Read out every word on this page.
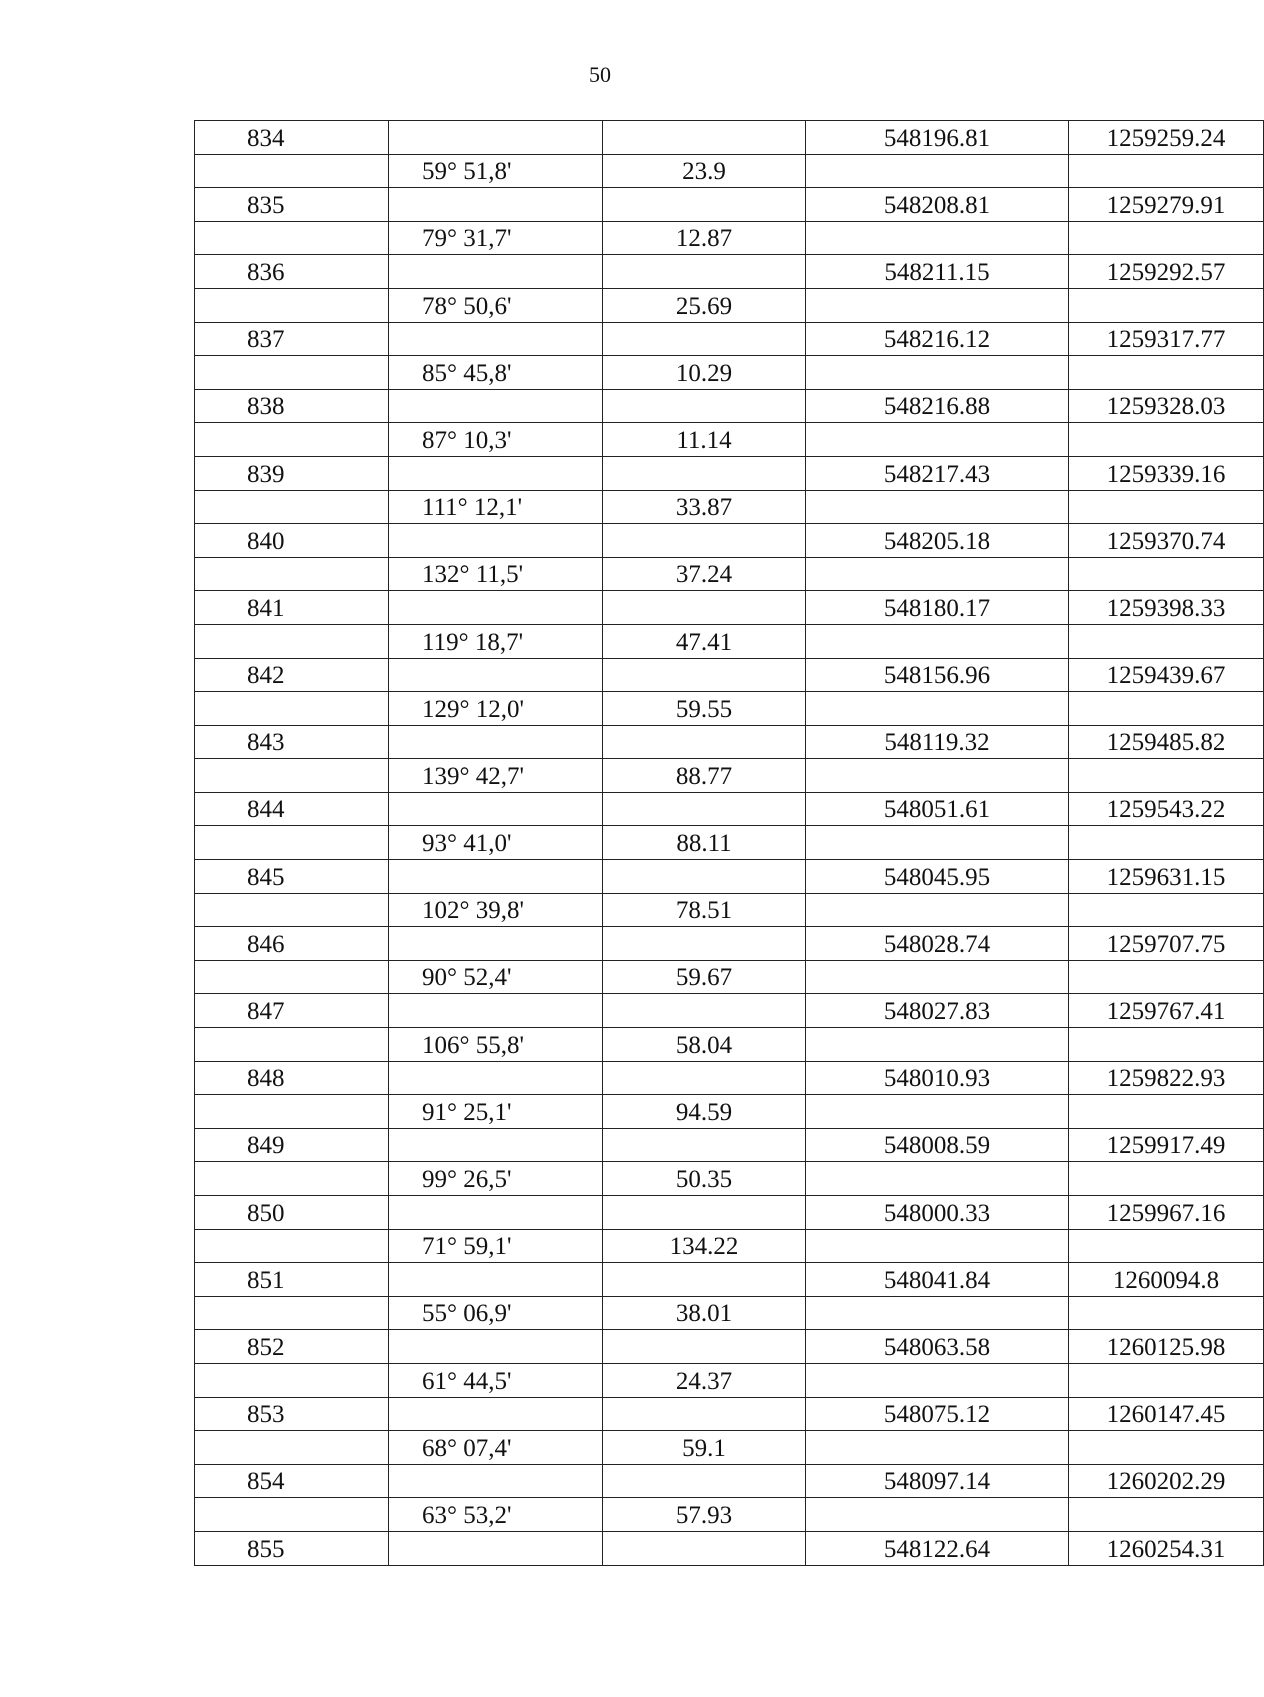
50
834			548196.81	1259259.24
	59° 51,8'	23.9		
835			548208.81	1259279.91
	79° 31,7'	12.87		
836			548211.15	1259292.57
	78° 50,6'	25.69		
837			548216.12	1259317.77
	85° 45,8'	10.29		
838			548216.88	1259328.03
	87° 10,3'	11.14		
839			548217.43	1259339.16
	111° 12,1'	33.87		
840			548205.18	1259370.74
	132° 11,5'	37.24		
841			548180.17	1259398.33
	119° 18,7'	47.41		
842			548156.96	1259439.67
	129° 12,0'	59.55		
843			548119.32	1259485.82
	139° 42,7'	88.77		
844			548051.61	1259543.22
	93° 41,0'	88.11		
845			548045.95	1259631.15
	102° 39,8'	78.51		
846			548028.74	1259707.75
	90° 52,4'	59.67		
847			548027.83	1259767.41
	106° 55,8'	58.04		
848			548010.93	1259822.93
	91° 25,1'	94.59		
849			548008.59	1259917.49
	99° 26,5'	50.35		
850			548000.33	1259967.16
	71° 59,1'	134.22		
851			548041.84	1260094.8
	55° 06,9'	38.01		
852			548063.58	1260125.98
	61° 44,5'	24.37		
853			548075.12	1260147.45
	68° 07,4'	59.1		
854			548097.14	1260202.29
	63° 53,2'	57.93		
855			548122.64	1260254.31
